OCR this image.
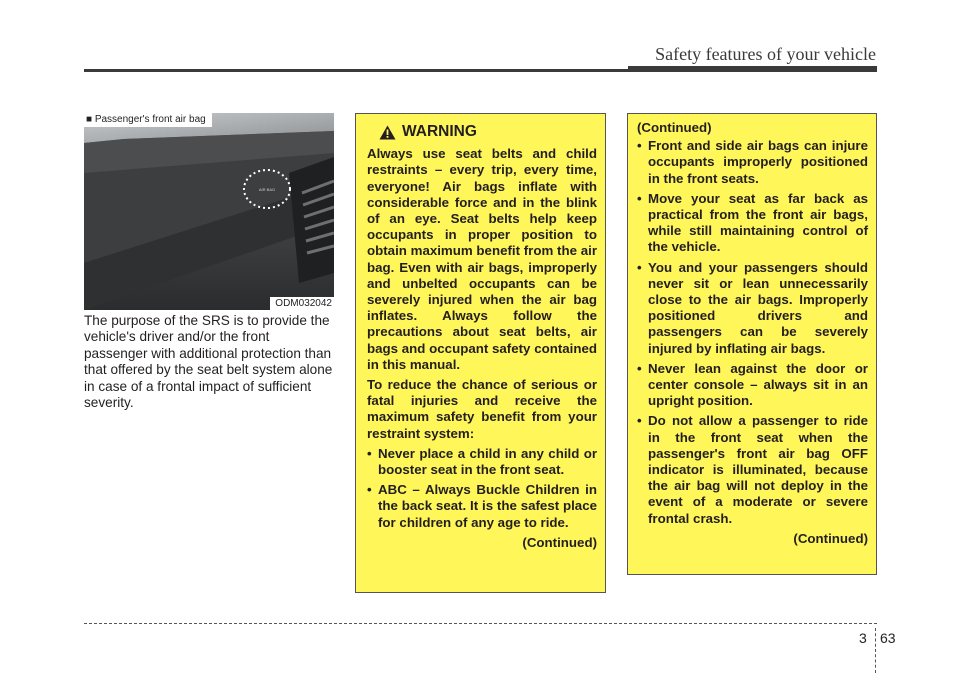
Safety features of your vehicle
AIR BAG
■ Passenger's front air bag
ODM032042
The purpose of the SRS is to provide the vehicle's driver and/or the front passenger with additional protection than that offered by the seat belt system alone in case of a frontal impact of sufficient severity.
WARNING

Always use seat belts and child restraints – every trip, every time, everyone! Air bags inflate with considerable force and in the blink of an eye. Seat belts help keep occupants in proper position to obtain maximum benefit from the air bag. Even with air bags, improperly and unbelted occupants can be severely injured when the air bag inflates. Always follow the precautions about seat belts, air bags and occupant safety contained in this manual.

To reduce the chance of serious or fatal injuries and receive the maximum safety benefit from your restraint system:

• Never place a child in any child or booster seat in the front seat.
• ABC – Always Buckle Children in the back seat. It is the safest place for children of any age to ride.
(Continued)
(Continued)
• Front and side air bags can injure occupants improperly positioned in the front seats.
• Move your seat as far back as practical from the front air bags, while still maintaining control of the vehicle.
• You and your passengers should never sit or lean unnecessarily close to the air bags. Improperly positioned drivers and passengers can be severely injured by inflating air bags.
• Never lean against the door or center console – always sit in an upright position.
• Do not allow a passenger to ride in the front seat when the passenger's front air bag OFF indicator is illuminated, because the air bag will not deploy in the event of a moderate or severe frontal crash.
(Continued)
3 63
